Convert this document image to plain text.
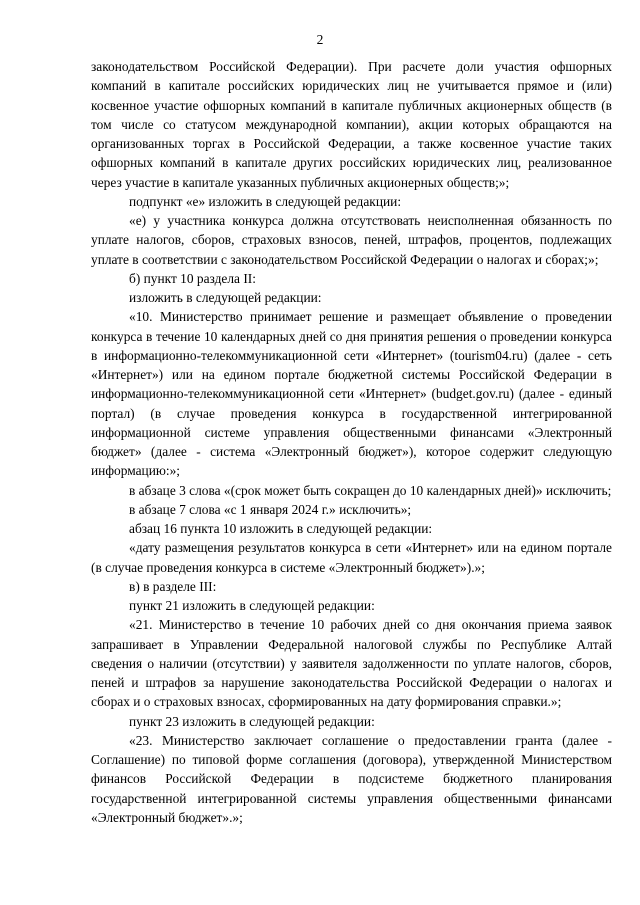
2

законодательством Российской Федерации). При расчете доли участия офшорных компаний в капитале российских юридических лиц не учитывается прямое и (или) косвенное участие офшорных компаний в капитале публичных акционерных обществ (в том числе со статусом международной компании), акции которых обращаются на организованных торгах в Российской Федерации, а также косвенное участие таких офшорных компаний в капитале других российских юридических лиц, реализованное через участие в капитале указанных публичных акционерных обществ;»;

подпункт «е» изложить в следующей редакции:

«е) у участника конкурса должна отсутствовать неисполненная обязанность по уплате налогов, сборов, страховых взносов, пеней, штрафов, процентов, подлежащих уплате в соответствии с законодательством Российской Федерации о налогах и сборах;»;

б) пункт 10 раздела II:

изложить в следующей редакции:

«10. Министерство принимает решение и размещает объявление о проведении конкурса в течение 10 календарных дней со дня принятия решения о проведении конкурса в информационно-телекоммуникационной сети «Интернет» (tourism04.ru) (далее - сеть «Интернет») или на едином портале бюджетной системы Российской Федерации в информационно-телекоммуникационной сети «Интернет» (budget.gov.ru) (далее - единый портал) (в случае проведения конкурса в государственной интегрированной информационной системе управления общественными финансами «Электронный бюджет» (далее - система «Электронный бюджет»), которое содержит следующую информацию:»;

в абзаце 3 слова «(срок может быть сокращен до 10 календарных дней)» исключить;

в абзаце 7 слова «с 1 января 2024 г.» исключить»;

абзац 16 пункта 10 изложить в следующей редакции:

«дату размещения результатов конкурса в сети «Интернет» или на едином портале (в случае проведения конкурса в системе «Электронный бюджет»).»;

в) в разделе III:

пункт 21 изложить в следующей редакции:

«21. Министерство в течение 10 рабочих дней со дня окончания приема заявок запрашивает в Управлении Федеральной налоговой службы по Республике Алтай сведения о наличии (отсутствии) у заявителя задолженности по уплате налогов, сборов, пеней и штрафов за нарушение законодательства Российской Федерации о налогах и сборах и о страховых взносах, сформированных на дату формирования справки.»;

пункт 23 изложить в следующей редакции:

«23. Министерство заключает соглашение о предоставлении гранта (далее - Соглашение) по типовой форме соглашения (договора), утвержденной Министерством финансов Российской Федерации в подсистеме бюджетного планирования государственной интегрированной системы управления общественными финансами «Электронный бюджет».»;
